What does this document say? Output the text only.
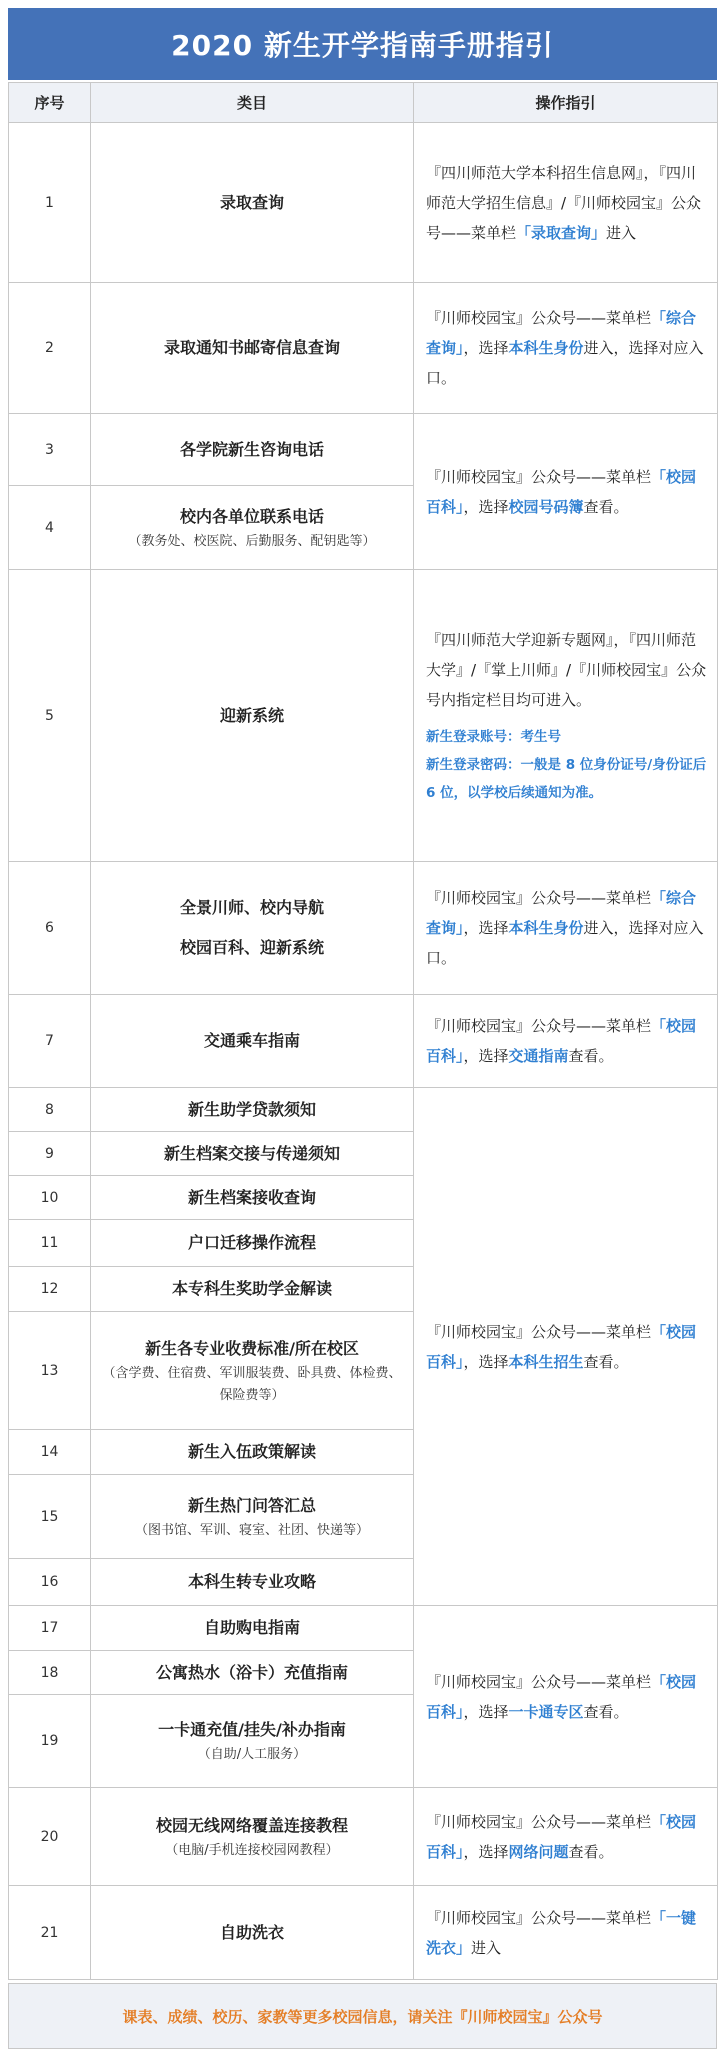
2020 新生开学指南手册指引
序号	类目	操作指引
1	录取查询	『四川师范大学本科招生信息网』，『四川师范大学招生信息』/『川师校园宝』公众号——菜单栏「录取查询」进入
2	录取通知书邮寄信息查询	『川师校园宝』公众号——菜单栏「综合查询」，选择本科生身份进入，选择对应入口。
3	各学院新生咨询电话	『川师校园宝』公众号——菜单栏「校园百科」，选择校园号码簿查看。
4	校内各单位联系电话
（教务处、校医院、后勤服务、配钥匙等）	

5	迎新系统	『四川师范大学迎新专题网』，『四川师范大学』/『掌上川师』/『川师校园宝』公众号内指定栏目均可进入。
新生登录账号：考生号
新生登录密码：一般是 8 位身份证号/身份证后 6 位，以学校后续通知为准。

6	全景川师、校内导航
校园百科、迎新系统	『川师校园宝』公众号——菜单栏「综合查询」，选择本科生身份进入，选择对应入口。
7	交通乘车指南	『川师校园宝』公众号——菜单栏「校园百科」，选择交通指南查看。
8	新生助学贷款须知	『川师校园宝』公众号——菜单栏「校园百科」，选择本科生招生查看。
9	新生档案交接与传递须知	
10	新生档案接收查询	
11	户口迁移操作流程	
12	本专科生奖助学金解读	
13	新生各专业收费标准/所在校区
（含学费、住宿费、军训服装费、卧具费、体检费、保险费等）	

14	新生入伍政策解读	
15	新生热门问答汇总
（图书馆、军训、寝室、社团、快递等）	

16	本科生转专业攻略	
17	自助购电指南	『川师校园宝』公众号——菜单栏「校园百科」，选择一卡通专区查看。
18	公寓热水（浴卡）充值指南	
19	一卡通充值/挂失/补办指南
（自助/人工服务）	

20	校园无线网络覆盖连接教程
（电脑/手机连接校园网教程）	『川师校园宝』公众号——菜单栏「校园百科」，选择网络问题查看。
21	自助洗衣	『川师校园宝』公众号——菜单栏「一键洗衣」进入
课表、成绩、校历、家教等更多校园信息，请关注『川师校园宝』公众号
